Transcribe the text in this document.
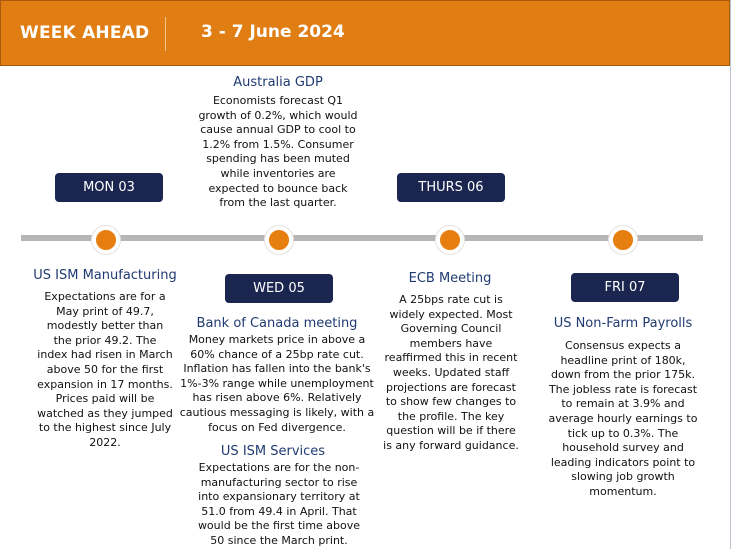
WEEK AHEAD	3 - 7 June 2024
Australia GDP
Economists forecast Q1 growth of 0.2%, which would cause annual GDP to cool to 1.2% from 1.5%. Consumer spending has been muted while inventories are expected to bounce back from the last quarter.
MON 03	THURS 06
WED 05	FRI 07
US ISM Manufacturing
Expectations are for a May print of 49.7, modestly better than the prior 49.2. The index had risen in March above 50 for the first expansion in 17 months. Prices paid will be watched as they jumped to the highest since July 2022.
Bank of Canada meeting
Money markets price in above a 60% chance of a 25bp rate cut. Inflation has fallen into the bank's 1%-3% range while unemployment has risen above 6%. Relatively cautious messaging is likely, with a focus on Fed divergence.
US ISM Services
Expectations are for the non-manufacturing sector to rise into expansionary territory at 51.0 from 49.4 in April. That would be the first time above 50 since the March print.
ECB Meeting
A 25bps rate cut is widely expected. Most Governing Council members have reaffirmed this in recent weeks. Updated staff projections are forecast to show few changes to the profile. The key question will be if there is any forward guidance.
US Non-Farm Payrolls
Consensus expects a headline print of 180k, down from the prior 175k. The jobless rate is forecast to remain at 3.9% and average hourly earnings to tick up to 0.3%. The household survey and leading indicators point to slowing job growth momentum.
